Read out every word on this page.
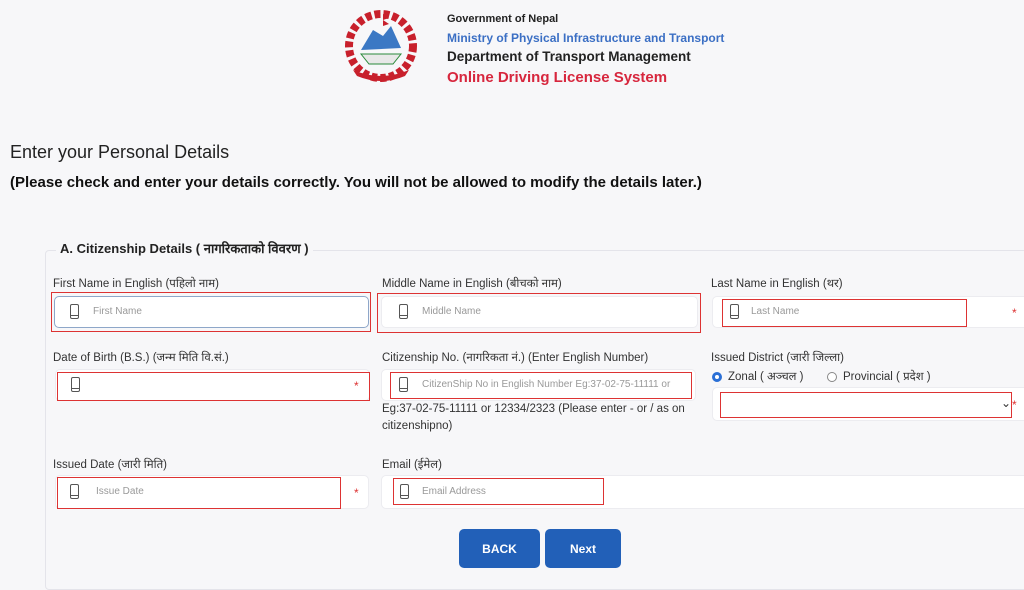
Government of Nepal
Ministry of Physical Infrastructure and Transport
Department of Transport Management
Online Driving License System
Enter your Personal Details
(Please check and enter your details correctly. You will not be allowed to modify the details later.)
A. Citizenship Details ( नागरिकताको विवरण )
First Name in English (पहिलो नाम)
First Name
Middle Name in English (बीचको नाम)
Middle Name
Last Name in English (थर)
Last Name	*
Date of Birth (B.S.) (जन्म मिति वि.सं.)
*
Citizenship No. (नागरिकता नं.) (Enter English Number)
CitizenShip No in English Number Eg:37-02-75-11111 or
Eg:37-02-75-11111 or 12334/2323 (Please enter - or / as on citizenshipno)
Issued District (जारी जिल्ला)
Zonal ( अञ्चल )	Provincial ( प्रदेश )
⌄ *
Issued Date (जारी मिति)
Issue Date	*
Email (ईमेल)
Email Address
BACK	Next
